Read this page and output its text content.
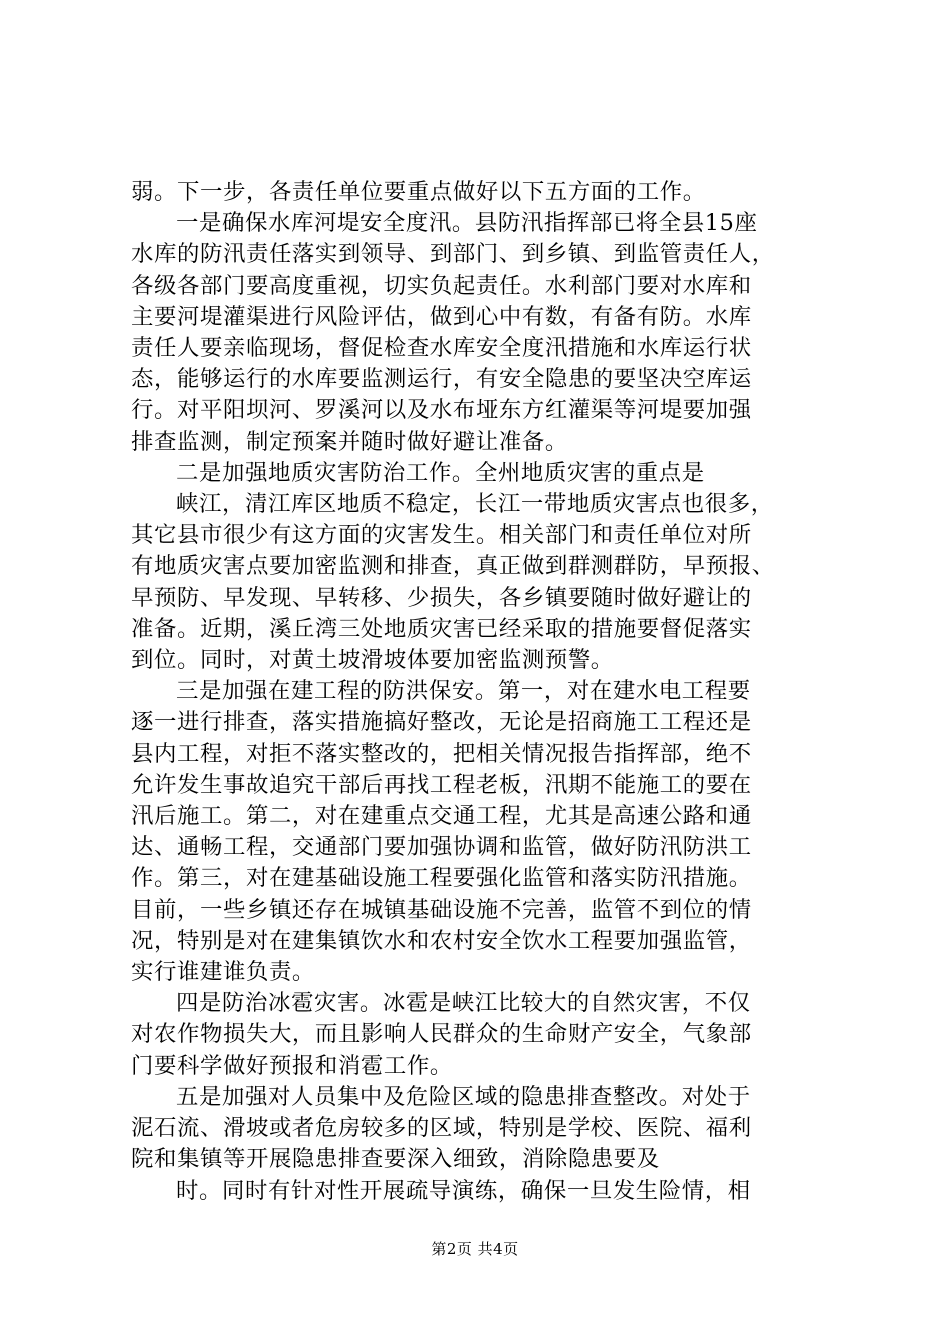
弱。下一步，各责任单位要重点做好以下五方面的工作。

一是确保水库河堤安全度汛。县防汛指挥部已将全县15座

水库的防汛责任落实到领导、到部门、到乡镇、到监管责任人，

各级各部门要高度重视，切实负起责任。水利部门要对水库和

主要河堤灌渠进行风险评估，做到心中有数，有备有防。水库

责任人要亲临现场，督促检查水库安全度汛措施和水库运行状

态，能够运行的水库要监测运行，有安全隐患的要坚决空库运

行。对平阳坝河、罗溪河以及水布垭东方红灌渠等河堤要加强

排查监测，制定预案并随时做好避让准备。

二是加强地质灾害防治工作。全州地质灾害的重点是

峡江，清江库区地质不稳定，长江一带地质灾害点也很多，

其它县市很少有这方面的灾害发生。相关部门和责任单位对所

有地质灾害点要加密监测和排查，真正做到群测群防，早预报、

早预防、早发现、早转移、少损失，各乡镇要随时做好避让的

准备。近期，溪丘湾三处地质灾害已经采取的措施要督促落实

到位。同时，对黄土坡滑坡体要加密监测预警。

三是加强在建工程的防洪保安。第一，对在建水电工程要

逐一进行排查，落实措施搞好整改，无论是招商施工工程还是

县内工程，对拒不落实整改的，把相关情况报告指挥部，绝不

允许发生事故追究干部后再找工程老板，汛期不能施工的要在

汛后施工。第二，对在建重点交通工程，尤其是高速公路和通

达、通畅工程，交通部门要加强协调和监管，做好防汛防洪工

作。第三，对在建基础设施工程要强化监管和落实防汛措施。

目前，一些乡镇还存在城镇基础设施不完善，监管不到位的情

况，特别是对在建集镇饮水和农村安全饮水工程要加强监管，

实行谁建谁负责。

四是防治冰雹灾害。冰雹是峡江比较大的自然灾害，不仅

对农作物损失大，而且影响人民群众的生命财产安全，气象部

门要科学做好预报和消雹工作。

五是加强对人员集中及危险区域的隐患排查整改。对处于

泥石流、滑坡或者危房较多的区域，特别是学校、医院、福利

院和集镇等开展隐患排查要深入细致，消除隐患要及

时。同时有针对性开展疏导演练，确保一旦发生险情，相

第2页 共4页
